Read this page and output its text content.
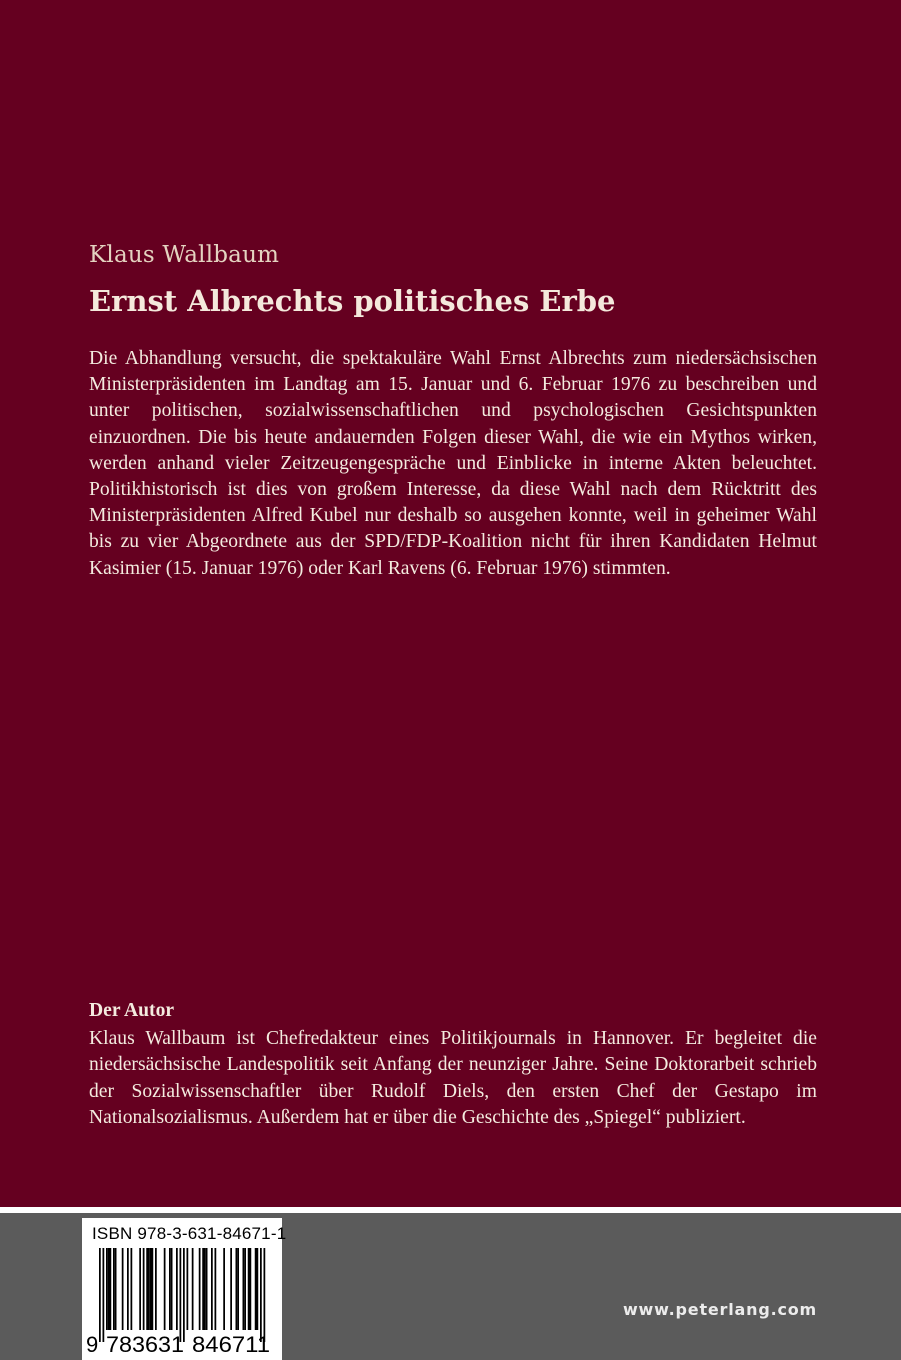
Klaus Wallbaum
Ernst Albrechts politisches Erbe
Die Abhandlung versucht, die spektakuläre Wahl Ernst Albrechts zum niedersächsischen Ministerpräsidenten im Landtag am 15. Januar und 6. Februar 1976 zu beschreiben und unter politischen, sozialwissenschaftlichen und psychologischen Gesichtspunkten einzuordnen. Die bis heute andauernden Folgen dieser Wahl, die wie ein Mythos wirken, werden anhand vieler Zeitzeugengespräche und Einblicke in interne Akten beleuchtet. Politikhistorisch ist dies von großem Interesse, da diese Wahl nach dem Rücktritt des Ministerpräsidenten Alfred Kubel nur deshalb so ausgehen konnte, weil in geheimer Wahl bis zu vier Abgeordnete aus der SPD/FDP-Koalition nicht für ihren Kandidaten Helmut Kasimier (15. Januar 1976) oder Karl Ravens (6. Februar 1976) stimmten.
Der Autor
Klaus Wallbaum ist Chefredakteur eines Politikjournals in Hannover. Er begleitet die niedersächsische Landespolitik seit Anfang der neunziger Jahre. Seine Doktorarbeit schrieb der Sozialwissenschaftler über Rudolf Diels, den ersten Chef der Gestapo im Nationalsozialismus. Außerdem hat er über die Geschichte des „Spiegel“ publiziert.
ISBN 978-3-631-84671-1
9 783631 846711
www.peterlang.com
